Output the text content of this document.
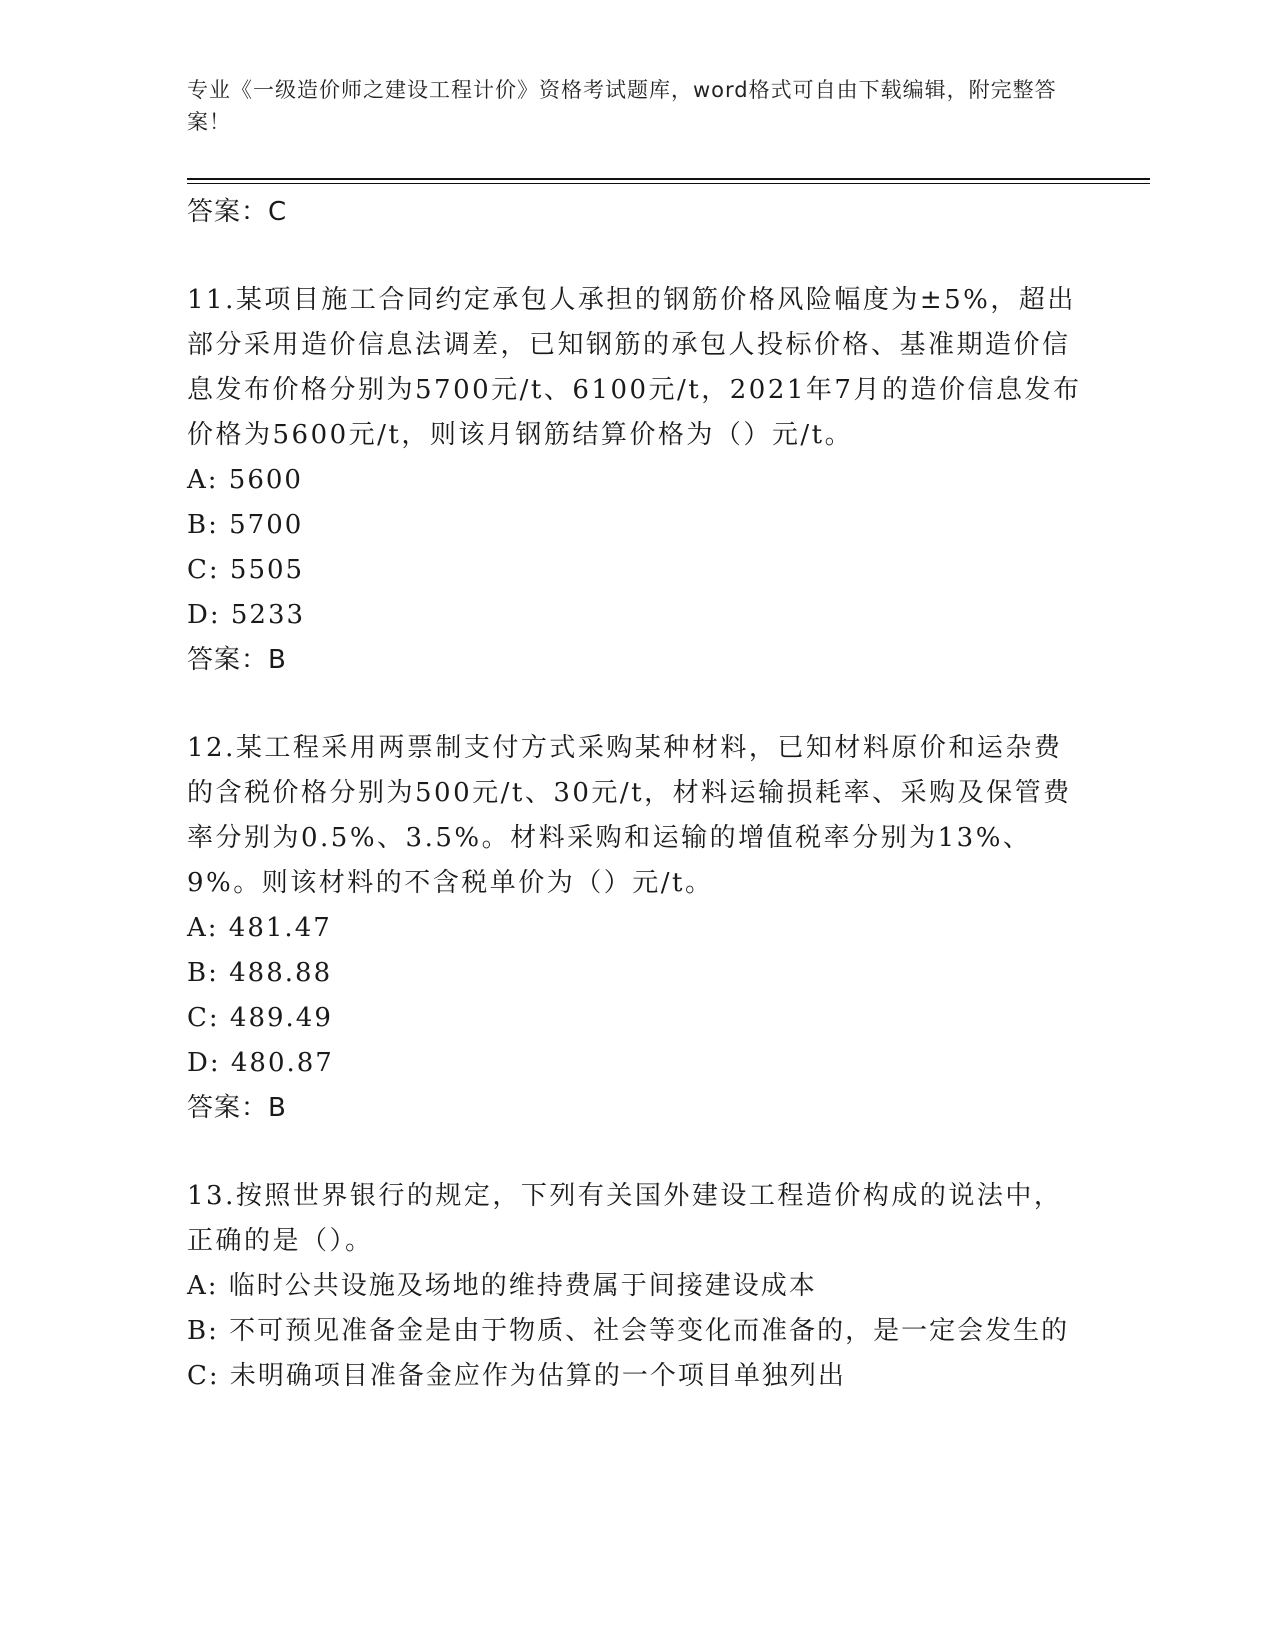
专业《一级造价师之建设工程计价》资格考试题库，word格式可自由下载编辑，附完整答案！

答案：C

11.某项目施工合同约定承包人承担的钢筋价格风险幅度为±5%，超出部分采用造价信息法调差，已知钢筋的承包人投标价格、基准期造价信息发布价格分别为5700元/t、6100元/t，2021年7月的造价信息发布价格为5600元/t，则该月钢筋结算价格为（）元/t。

A: 5600

B: 5700

C: 5505

D: 5233

答案：B

12.某工程采用两票制支付方式采购某种材料，已知材料原价和运杂费的含税价格分别为500元/t、30元/t，材料运输损耗率、采购及保管费率分别为0.5%、3.5%。材料采购和运输的增值税率分别为13%、9%。则该材料的不含税单价为（）元/t。

A: 481.47

B: 488.88

C: 489.49

D: 480.87

答案：B

13.按照世界银行的规定，下列有关国外建设工程造价构成的说法中，正确的是（）。

A: 临时公共设施及场地的维持费属于间接建设成本

B: 不可预见准备金是由于物质、社会等变化而准备的，是一定会发生的

C: 未明确项目准备金应作为估算的一个项目单独列出
